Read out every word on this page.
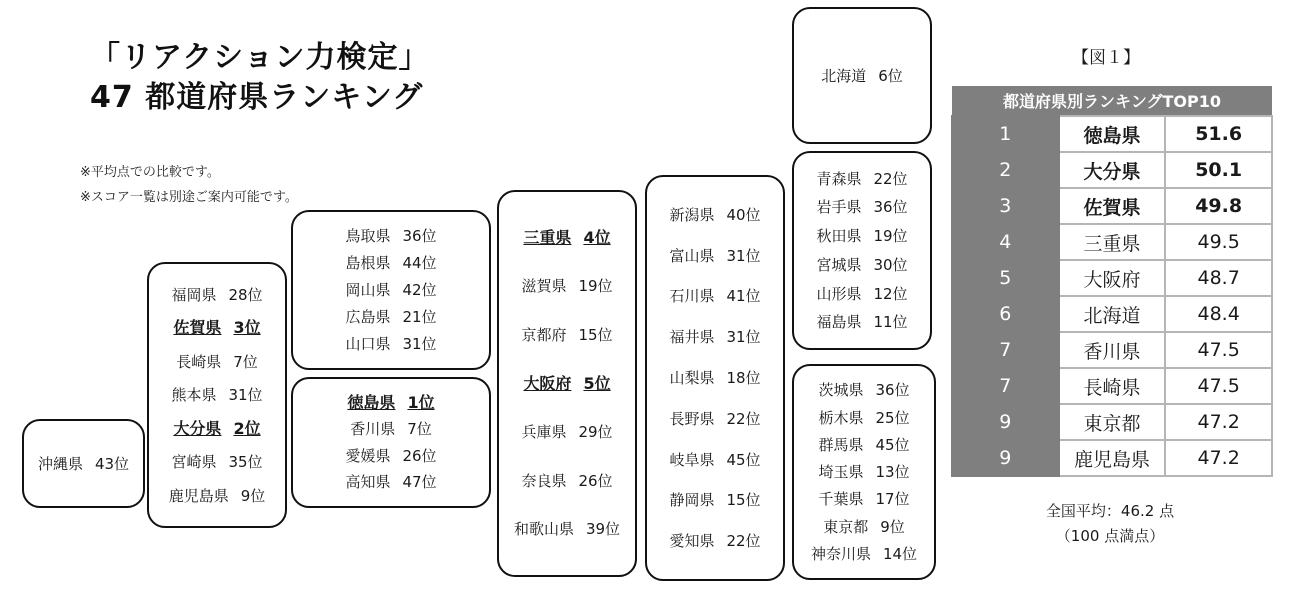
「リアクション力検定」
47 都道府県ランキング
※平均点での比較です。
※スコア一覧は別途ご案内可能です。
沖縄県 43位
福岡県 28位
佐賀県 3位
長崎県 7位
熊本県 31位
大分県 2位
宮崎県 35位
鹿児島県 9位
鳥取県 36位
島根県 44位
岡山県 42位
広島県 21位
山口県 31位
徳島県 1位
香川県 7位
愛媛県 26位
高知県 47位
三重県 4位
滋賀県 19位
京都府 15位
大阪府 5位
兵庫県 29位
奈良県 26位
和歌山県 39位
新潟県 40位
富山県 31位
石川県 41位
福井県 31位
山梨県 18位
長野県 22位
岐阜県 45位
静岡県 15位
愛知県 22位
北海道 6位
青森県 22位
岩手県 36位
秋田県 19位
宮城県 30位
山形県 12位
福島県 11位
茨城県 36位
栃木県 25位
群馬県 45位
埼玉県 13位
千葉県 17位
東京都 9位
神奈川県 14位
【図１】
都道府県別ランキングTOP10		
1	徳島県	51.6
2	大分県	50.1
3	佐賀県	49.8
4	三重県	49.5
5	大阪府	48.7
6	北海道	48.4
7	香川県	47.5
7	長崎県	47.5
9	東京都	47.2
9	鹿児島県	47.2
全国平均：46.2 点
（100 点満点）
